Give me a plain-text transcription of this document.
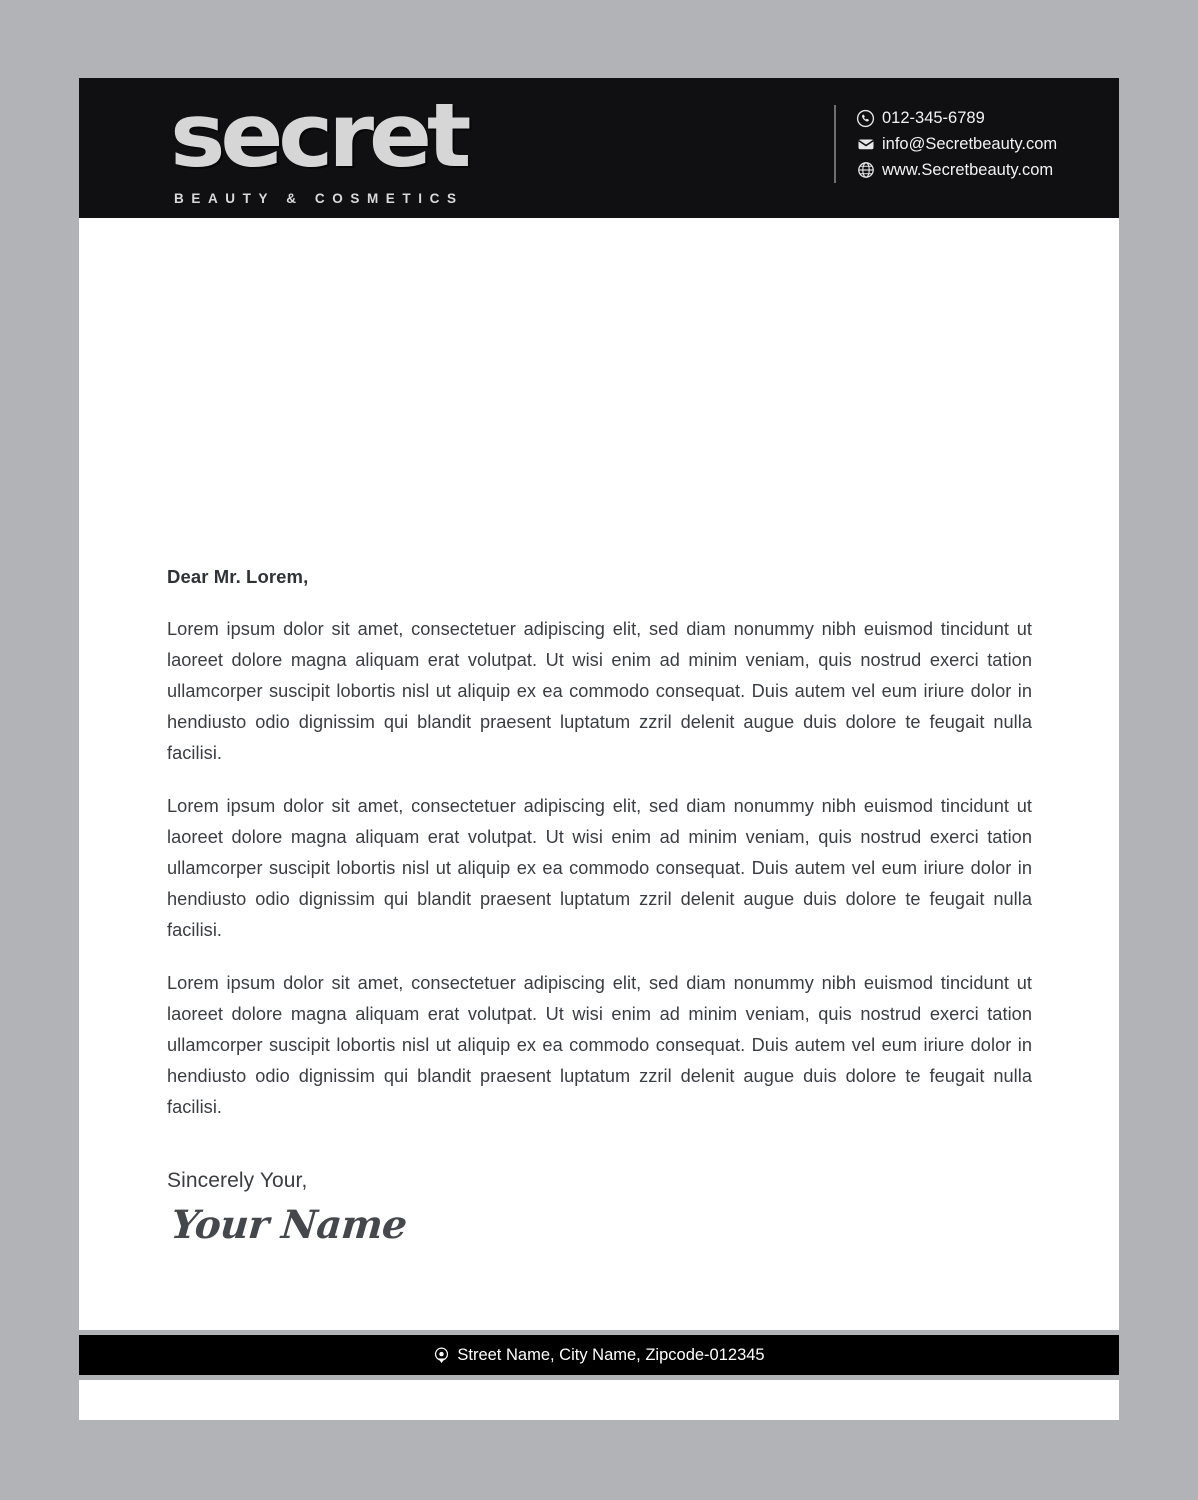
secret
BEAUTY & COSMETICS
012-345-6789
info@Secretbeauty.com
www.Secretbeauty.com
Dear Mr. Lorem,

Lorem ipsum dolor sit amet, consectetuer adipiscing elit, sed diam nonummy nibh euismod tincidunt ut laoreet dolore magna aliquam erat volutpat. Ut wisi enim ad minim veniam, quis nostrud exerci tation ullamcorper suscipit lobortis nisl ut aliquip ex ea commodo consequat. Duis autem vel eum iriure dolor in hendiusto odio dignissim qui blandit praesent luptatum zzril delenit augue duis dolore te feugait nulla facilisi.

Lorem ipsum dolor sit amet, consectetuer adipiscing elit, sed diam nonummy nibh euismod tincidunt ut laoreet dolore magna aliquam erat volutpat. Ut wisi enim ad minim veniam, quis nostrud exerci tation ullamcorper suscipit lobortis nisl ut aliquip ex ea commodo consequat. Duis autem vel eum iriure dolor in hendiusto odio dignissim qui blandit praesent luptatum zzril delenit augue duis dolore te feugait nulla facilisi.

Lorem ipsum dolor sit amet, consectetuer adipiscing elit, sed diam nonummy nibh euismod tincidunt ut laoreet dolore magna aliquam erat volutpat. Ut wisi enim ad minim veniam, quis nostrud exerci tation ullamcorper suscipit lobortis nisl ut aliquip ex ea commodo consequat. Duis autem vel eum iriure dolor in hendiusto odio dignissim qui blandit praesent luptatum zzril delenit augue duis dolore te feugait nulla facilisi.

Sincerely Your,
Your Name
Street Name, City Name, Zipcode-012345
